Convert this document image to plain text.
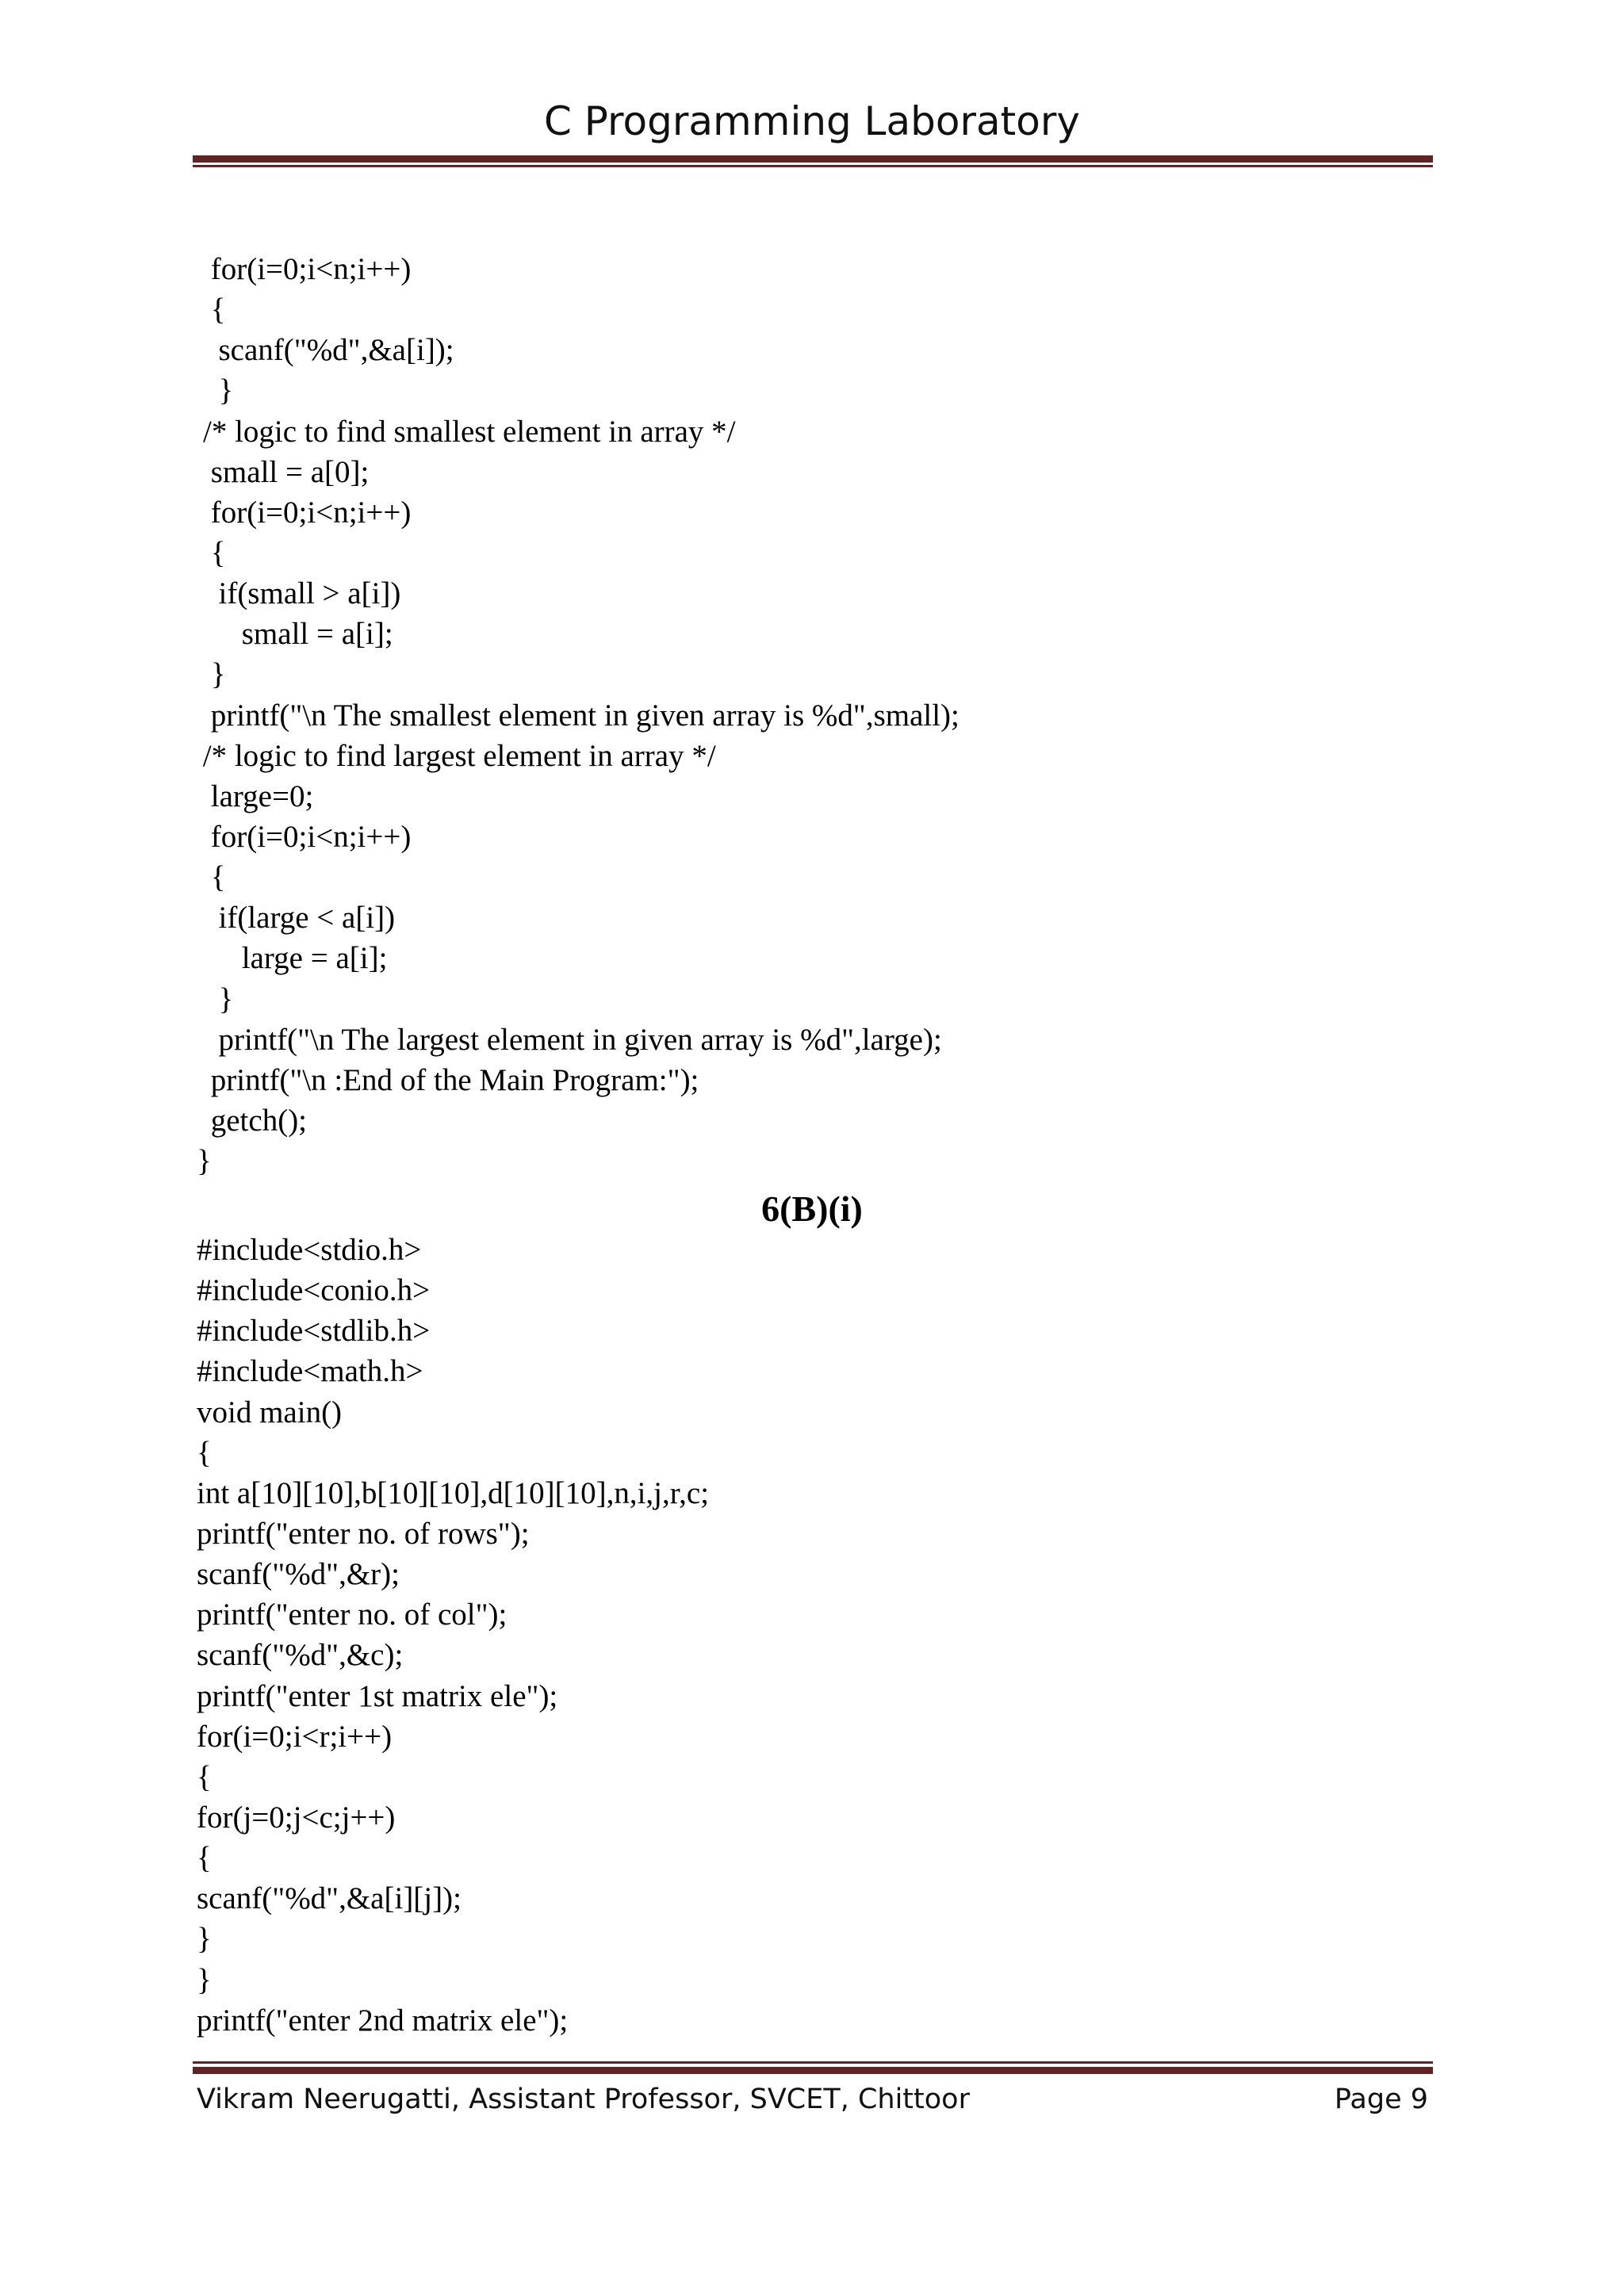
C Programming Laboratory
for(i=0;i<n;i++)
{
scanf("%d",&a[i]);
}
/* logic to find smallest element in array */
small = a[0];
for(i=0;i<n;i++)
{
if(small > a[i])
small = a[i];
}
printf("\n The smallest element in given array is %d",small);
/* logic to find largest element in array */
large=0;
for(i=0;i<n;i++)
{
if(large < a[i])
large = a[i];
}
printf("\n The largest element in given array is %d",large);
printf("\n :End of the Main Program:");
getch();
}
6(B)(i)
#include<stdio.h>
#include<conio.h>
#include<stdlib.h>
#include<math.h>
void main()
{
int a[10][10],b[10][10],d[10][10],n,i,j,r,c;
printf("enter no. of rows");
scanf("%d",&r);
printf("enter no. of col");
scanf("%d",&c);
printf("enter 1st matrix ele");
for(i=0;i<r;i++)
{
for(j=0;j<c;j++)
{
scanf("%d",&a[i][j]);
}
}
printf("enter 2nd matrix ele");
Vikram Neerugatti, Assistant Professor, SVCET, Chittoor	Page 9
